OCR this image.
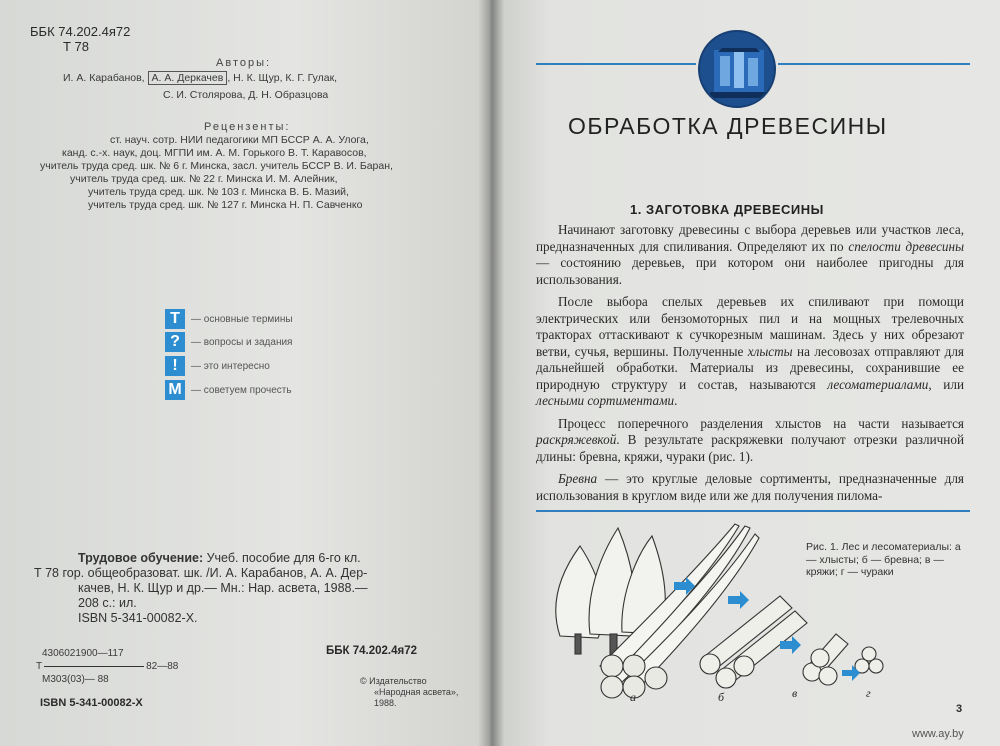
ББК 74.202.4я72
Т 78
Авторы:
И. А. Карабанов, А. А. Деркачев , Н. К. Щур, К. Г. Гулак,
С. И. Столярова, Д. Н. Образцова
Рецензенты:
ст. науч. сотр. НИИ педагогики МП БССР А. А. Улога,
канд. с.-х. наук, доц. МГПИ им. А. М. Горького В. Т. Каравосов,
учитель труда сред. шк. № 6 г. Минска, засл. учитель БССР В. И. Баран,
учитель труда сред. шк. № 22 г. Минска И. М. Алейник,
учитель труда сред. шк. № 103 г. Минска В. Б. Мазий,
учитель труда сред. шк. № 127 г. Минска Н. П. Савченко
T	— основные термины
?	— вопросы и задания
!	— это интересно
M — советуем прочесть
Трудовое обучение: Учеб. пособие для 6-го кл.
Т 78 гор. общеобразоват. шк. /И. А. Карабанов, А. А. Дер-
качев, Н. К. Щур и др.— Мн.: Нар. асвета, 1988.—
208 с.: ил.
ISBN 5-341-00082-X.
ББК 74.202.4я72
4306021900—117
Т	82—88
М303(03)— 88
ISBN 5-341-00082-X
© Издательство
«Народная асвета»,
1988.
ОБРАБОТКА ДРЕВЕСИНЫ
1. ЗАГОТОВКА ДРЕВЕСИНЫ

Начинают заготовку древесины с выбора деревьев или участков леса, предназначенных для спиливания. Определяют их по спелости древесины — состоянию деревьев, при котором они наиболее пригодны для использования.

После выбора спелых деревьев их спиливают при помощи электрических или бензомоторных пил и на мощных трелевочных тракторах оттаскивают к сучкорезным машинам. Здесь у них обрезают ветви, сучья, вершины. Полученные хлысты на лесовозах отправляют для дальнейшей обработки. Материалы из древесины, сохранившие ее природную структуру и состав, называются лесоматериалами, или лесными сортиментами.

Процесс поперечного разделения хлыстов на части называется раскряжевкой. В результате раскряжевки получают отрезки различной длины: бревна, кряжи, чураки (рис. 1).

Бревна — это круглые деловые сортименты, предназначенные для использования в круглом виде или же для получения пилома-

а	б	в	г
Рис. 1. Лес и лесоматериалы: а — хлысты; б — бревна; в — кряжи; г — чураки
3
www.ay.by
